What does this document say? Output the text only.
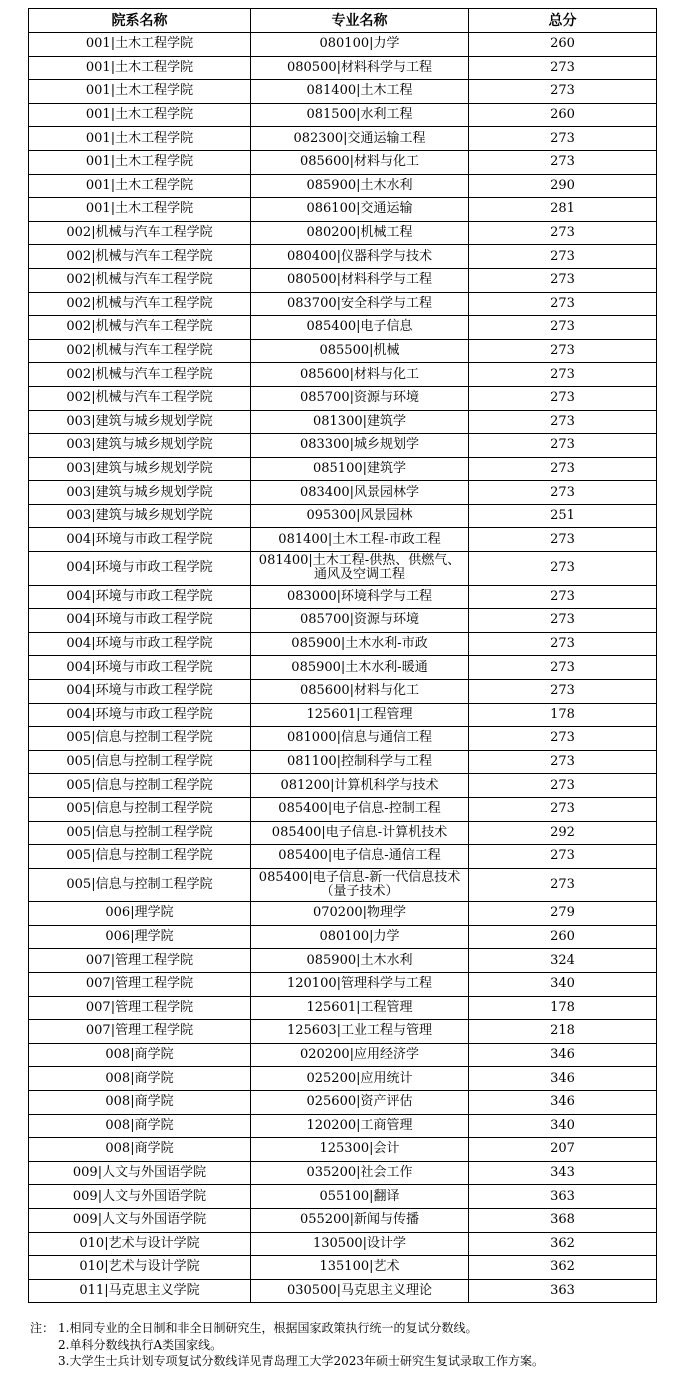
院系名称	专业名称	总分
001|土木工程学院	080100|力学	260
001|土木工程学院	080500|材料科学与工程	273
001|土木工程学院	081400|土木工程	273
001|土木工程学院	081500|水利工程	260
001|土木工程学院	082300|交通运输工程	273
001|土木工程学院	085600|材料与化工	273
001|土木工程学院	085900|土木水利	290
001|土木工程学院	086100|交通运输	281
002|机械与汽车工程学院	080200|机械工程	273
002|机械与汽车工程学院	080400|仪器科学与技术	273
002|机械与汽车工程学院	080500|材料科学与工程	273
002|机械与汽车工程学院	083700|安全科学与工程	273
002|机械与汽车工程学院	085400|电子信息	273
002|机械与汽车工程学院	085500|机械	273
002|机械与汽车工程学院	085600|材料与化工	273
002|机械与汽车工程学院	085700|资源与环境	273
003|建筑与城乡规划学院	081300|建筑学	273
003|建筑与城乡规划学院	083300|城乡规划学	273
003|建筑与城乡规划学院	085100|建筑学	273
003|建筑与城乡规划学院	083400|风景园林学	273
003|建筑与城乡规划学院	095300|风景园林	251
004|环境与市政工程学院	081400|土木工程-市政工程	273
004|环境与市政工程学院	081400|土木工程-供热、供燃气、通风及空调工程	273
004|环境与市政工程学院	083000|环境科学与工程	273
004|环境与市政工程学院	085700|资源与环境	273
004|环境与市政工程学院	085900|土木水利-市政	273
004|环境与市政工程学院	085900|土木水利-暖通	273
004|环境与市政工程学院	085600|材料与化工	273
004|环境与市政工程学院	125601|工程管理	178
005|信息与控制工程学院	081000|信息与通信工程	273
005|信息与控制工程学院	081100|控制科学与工程	273
005|信息与控制工程学院	081200|计算机科学与技术	273
005|信息与控制工程学院	085400|电子信息-控制工程	273
005|信息与控制工程学院	085400|电子信息-计算机技术	292
005|信息与控制工程学院	085400|电子信息-通信工程	273
005|信息与控制工程学院	085400|电子信息-新一代信息技术（量子技术）	273
006|理学院	070200|物理学	279
006|理学院	080100|力学	260
007|管理工程学院	085900|土木水利	324
007|管理工程学院	120100|管理科学与工程	340
007|管理工程学院	125601|工程管理	178
007|管理工程学院	125603|工业工程与管理	218
008|商学院	020200|应用经济学	346
008|商学院	025200|应用统计	346
008|商学院	025600|资产评估	346
008|商学院	120200|工商管理	340
008|商学院	125300|会计	207
009|人文与外国语学院	035200|社会工作	343
009|人文与外国语学院	055100|翻译	363
009|人文与外国语学院	055200|新闻与传播	368
010|艺术与设计学院	130500|设计学	362
010|艺术与设计学院	135100|艺术	362
011|马克思主义学院	030500|马克思主义理论	363
注： 1.相同专业的全日制和非全日制研究生，根据国家政策执行统一的复试分数线。
2.单科分数线执行A类国家线。
3.大学生士兵计划专项复试分数线详见青岛理工大学2023年硕士研究生复试录取工作方案。
